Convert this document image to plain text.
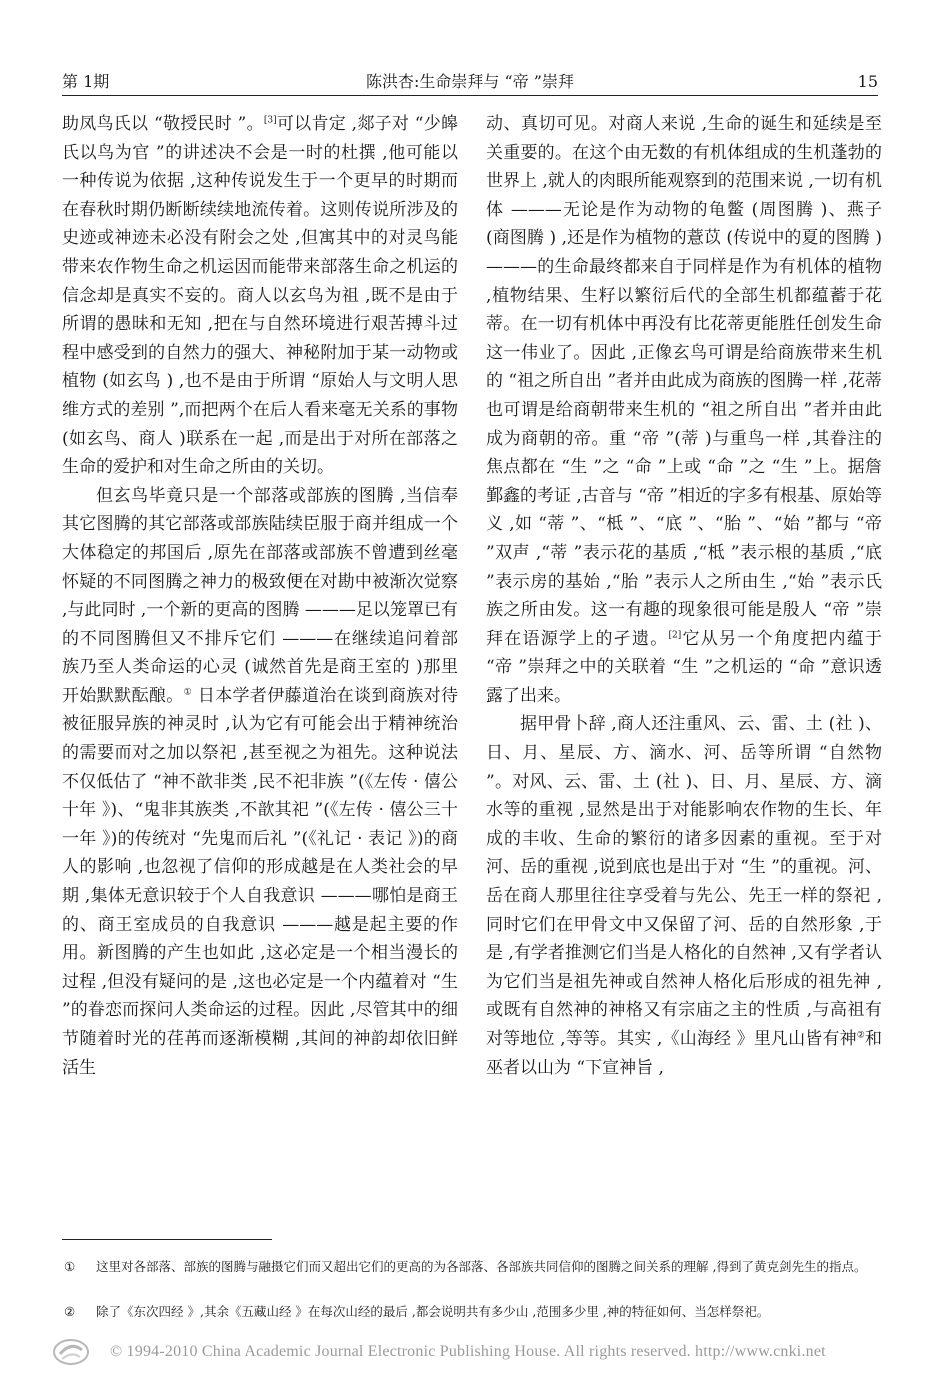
第 1期	陈洪杏:生命崇拜与 “帝 ”崇拜	15

助凤鸟氏以 “敬授民时 ”。[3]可以肯定 ,郯子对 “少皞氏以鸟为官 ”的讲述决不会是一时的杜撰 ,他可能以一种传说为依据 ,这种传说发生于一个更早的时期而在春秋时期仍断断续续地流传着。这则传说所涉及的史迹或神迹未必没有附会之处 ,但寓其中的对灵鸟能带来农作物生命之机运因而能带来部落生命之机运的信念却是真实不妄的。商人以玄鸟为祖 ,既不是由于所谓的愚昧和无知 ,把在与自然环境进行艰苦搏斗过程中感受到的自然力的强大、神秘附加于某一动物或植物 (如玄鸟 ) ,也不是由于所谓 “原始人与文明人思维方式的差别 ”,而把两个在后人看来毫无关系的事物 (如玄鸟、商人 )联系在一起 ,而是出于对所在部落之生命的爱护和对生命之所由的关切。

但玄鸟毕竟只是一个部落或部族的图腾 ,当信奉其它图腾的其它部落或部族陆续臣服于商并组成一个大体稳定的邦国后 ,原先在部落或部族不曾遭到丝毫怀疑的不同图腾之神力的极致便在对勘中被渐次觉察 ,与此同时 ,一个新的更高的图腾 ———足以笼罩已有的不同图腾但又不排斥它们 ———在继续追问着部族乃至人类命运的心灵 (诚然首先是商王室的 )那里开始默默酝酿。① 日本学者伊藤道治在谈到商族对待被征服异族的神灵时 ,认为它有可能会出于精神统治的需要而对之加以祭祀 ,甚至视之为祖先。这种说法不仅低估了 “神不歆非类 ,民不祀非族 ”(《左传 · 僖公十年 》)、“鬼非其族类 ,不歆其祀 ”(《左传 · 僖公三十一年 》)的传统对 “先鬼而后礼 ”(《礼记 · 表记 》)的商人的影响 ,也忽视了信仰的形成越是在人类社会的早期 ,集体无意识较于个人自我意识 ———哪怕是商王的、商王室成员的自我意识 ———越是起主要的作用。新图腾的产生也如此 ,这必定是一个相当漫长的过程 ,但没有疑问的是 ,这也必定是一个内蕴着对 “生 ”的眷恋而探问人类命运的过程。因此 ,尽管其中的细节随着时光的荏苒而逐渐模糊 ,其间的神韵却依旧鲜活生

动、真切可见。对商人来说 ,生命的诞生和延续是至关重要的。在这个由无数的有机体组成的生机蓬勃的世界上 ,就人的肉眼所能观察到的范围来说 ,一切有机体 ———无论是作为动物的龟鳖 (周图腾 )、燕子 (商图腾 ) ,还是作为植物的薏苡 (传说中的夏的图腾 ) ———的生命最终都来自于同样是作为有机体的植物 ,植物结果、生籽以繁衍后代的全部生机都蕴蓄于花蒂。在一切有机体中再没有比花蒂更能胜任创发生命这一伟业了。因此 ,正像玄鸟可谓是给商族带来生机的 “祖之所自出 ”者并由此成为商族的图腾一样 ,花蒂也可谓是给商朝带来生机的 “祖之所自出 ”者并由此成为商朝的帝。重 “帝 ”(蒂 )与重鸟一样 ,其眷注的焦点都在 “生 ”之 “命 ”上或 “命 ”之 “生 ”上。据詹鄞鑫的考证 ,古音与 “帝 ”相近的字多有根基、原始等义 ,如 “蒂 ”、“柢 ”、“底 ”、“胎 ”、“始 ”都与 “帝 ”双声 ,“蒂 ”表示花的基质 ,“柢 ”表示根的基质 ,“底 ”表示房的基始 ,“胎 ”表示人之所由生 ,“始 ”表示氏族之所由发。这一有趣的现象很可能是殷人 “帝 ”崇拜在语源学上的孑遗。[2]它从另一个角度把内蕴于 “帝 ”崇拜之中的关联着 “生 ”之机运的 “命 ”意识透露了出来。

据甲骨卜辞 ,商人还注重风、云、雷、土 (社 )、日、月、星辰、方、滴水、河、岳等所谓 “自然物 ”。对风、云、雷、土 (社 )、日、月、星辰、方、滴水等的重视 ,显然是出于对能影响农作物的生长、年成的丰收、生命的繁衍的诸多因素的重视。至于对河、岳的重视 ,说到底也是出于对 “生 ”的重视。河、岳在商人那里往往享受着与先公、先王一样的祭祀 ,同时它们在甲骨文中又保留了河、岳的自然形象 ,于是 ,有学者推测它们当是人格化的自然神 ,又有学者认为它们当是祖先神或自然神人格化后形成的祖先神 ,或既有自然神的神格又有宗庙之主的性质 ,与高祖有对等地位 ,等等。其实 ,《山海经 》里凡山皆有神②和巫者以山为 “下宣神旨 ,

① 这里对各部落、部族的图腾与融摄它们而又超出它们的更高的为各部落、各部族共同信仰的图腾之间关系的理解 ,得到了黄克剑先生的指点。
② 除了《东次四经 》,其余《五藏山经 》在每次山经的最后 ,都会说明共有多少山 ,范围多少里 ,神的特征如何、当怎样祭祀。
© 1994-2010 China Academic Journal Electronic Publishing House. All rights reserved. http://www.cnki.net
